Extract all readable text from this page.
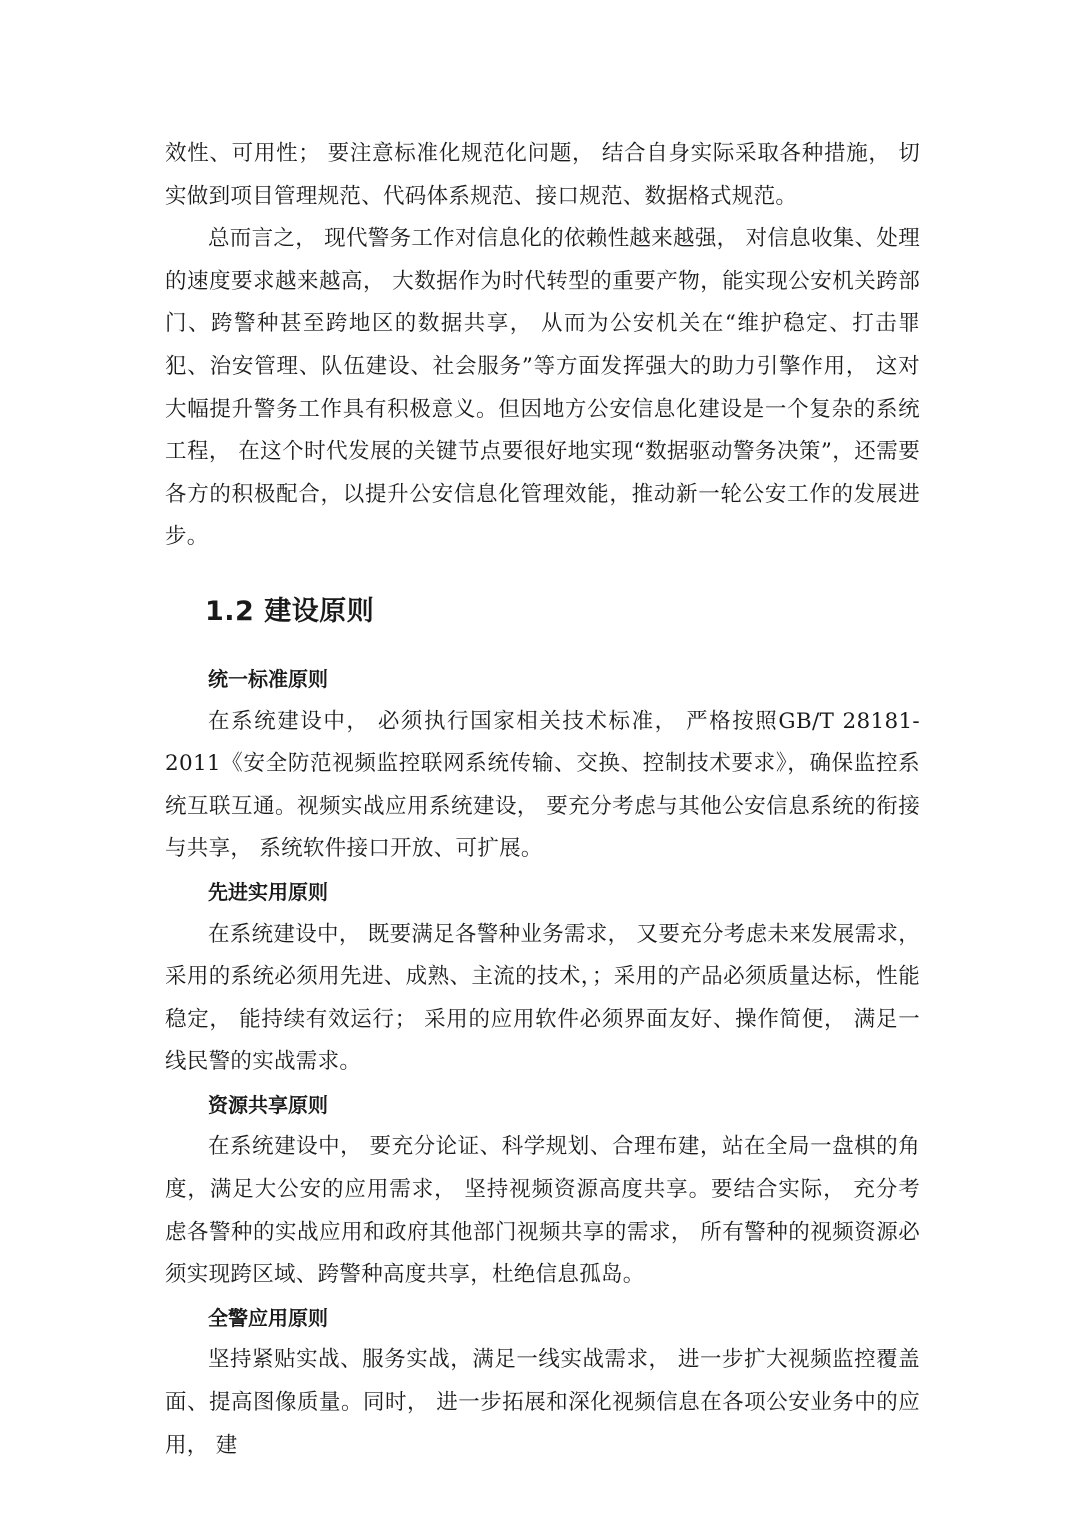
效性、可用性； 要注意标准化规范化问题， 结合自身实际采取各种措施， 切实做到项目管理规范、代码体系规范、接口规范、数据格式规范。

总而言之， 现代警务工作对信息化的依赖性越来越强， 对信息收集、处理的速度要求越来越高， 大数据作为时代转型的重要产物，能实现公安机关跨部门、跨警种甚至跨地区的数据共享， 从而为公安机关在“维护稳定、打击罪犯、治安管理、队伍建设、社会服务”等方面发挥强大的助力引擎作用， 这对大幅提升警务工作具有积极意义。但因地方公安信息化建设是一个复杂的系统工程， 在这个时代发展的关键节点要很好地实现“数据驱动警务决策”，还需要各方的积极配合，以提升公安信息化管理效能，推动新一轮公安工作的发展进步。

1.2 建设原则
统一标准原则

在系统建设中， 必须执行国家相关技术标准， 严格按照GB/T 28181-2011《安全防范视频监控联网系统传输、交换、控制技术要求》，确保监控系统互联互通。视频实战应用系统建设， 要充分考虑与其他公安信息系统的衔接与共享， 系统软件接口开放、可扩展。

先进实用原则

在系统建设中， 既要满足各警种业务需求， 又要充分考虑未来发展需求， 采用的系统必须用先进、成熟、主流的技术，；采用的产品必须质量达标，性能稳定， 能持续有效运行； 采用的应用软件必须界面友好、操作简便， 满足一线民警的实战需求。

资源共享原则

在系统建设中， 要充分论证、科学规划、合理布建，站在全局一盘棋的角度，满足大公安的应用需求， 坚持视频资源高度共享。要结合实际， 充分考虑各警种的实战应用和政府其他部门视频共享的需求， 所有警种的视频资源必须实现跨区域、跨警种高度共享，杜绝信息孤岛。

全警应用原则

坚持紧贴实战、服务实战，满足一线实战需求， 进一步扩大视频监控覆盖面、提高图像质量。同时， 进一步拓展和深化视频信息在各项公安业务中的应用， 建
